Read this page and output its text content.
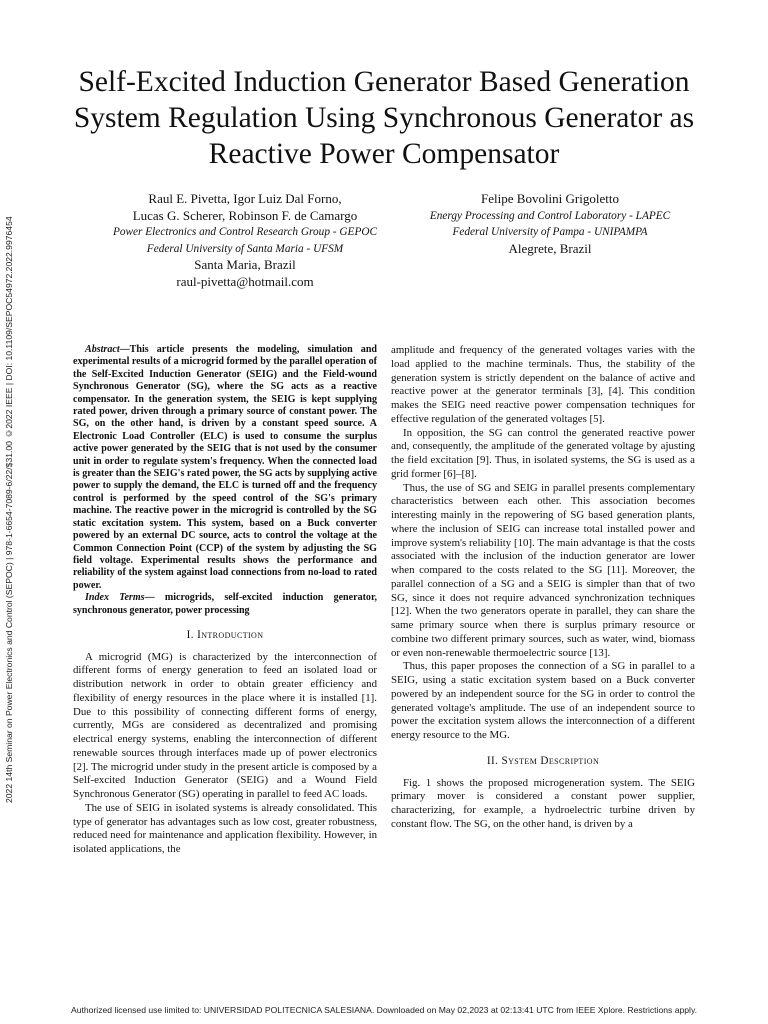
2022 14th Seminar on Power Electronics and Control (SEPOC) | 978-1-6654-7089-6/22/$31.00 ©2022 IEEE | DOI: 10.1109/SEPOC54972.2022.9976454
Self-Excited Induction Generator Based Generation
System Regulation Using Synchronous Generator as
Reactive Power Compensator
Raul E. Pivetta, Igor Luiz Dal Forno,
Lucas G. Scherer, Robinson F. de Camargo
Power Electronics and Control Research Group - GEPOC
Federal University of Santa Maria - UFSM
Santa Maria, Brazil
raul-pivetta@hotmail.com
Felipe Bovolini Grigoletto
Energy Processing and Control Laboratory - LAPEC
Federal University of Pampa - UNIPAMPA
Alegrete, Brazil

Abstract—This article presents the modeling, simulation and experimental results of a microgrid formed by the parallel operation of the Self-Excited Induction Generator (SEIG) and the Field-wound Synchronous Generator (SG), where the SG acts as a reactive compensator. In the generation system, the SEIG is kept supplying rated power, driven through a primary source of constant power. The SG, on the other hand, is driven by a constant speed source. A Electronic Load Controller (ELC) is used to consume the surplus active power generated by the SEIG that is not used by the consumer unit in order to regulate system's frequency. When the connected load is greater than the SEIG's rated power, the SG acts by supplying active power to supply the demand, the ELC is turned off and the frequency control is performed by the speed control of the SG's primary machine. The reactive power in the microgrid is controlled by the SG static excitation system. This system, based on a Buck converter powered by an external DC source, acts to control the voltage at the Common Connection Point (CCP) of the system by adjusting the SG field voltage. Experimental results shows the performance and reliability of the system against load connections from no-load to rated power.

Index Terms— microgrids, self-excited induction generator, synchronous generator, power processing

I. Introduction

A microgrid (MG) is characterized by the interconnection of different forms of energy generation to feed an isolated load or distribution network in order to obtain greater efficiency and flexibility of energy resources in the place where it is installed [1]. Due to this possibility of connecting different forms of energy, currently, MGs are considered as decentralized and promising electrical energy systems, enabling the interconnection of different renewable sources through interfaces made up of power electronics [2]. The microgrid under study in the present article is composed by a Self-excited Induction Generator (SEIG) and a Wound Field Synchronous Generator (SG) operating in parallel to feed AC loads.

The use of SEIG in isolated systems is already consolidated. This type of generator has advantages such as low cost, greater robustness, reduced need for maintenance and application flexibility. However, in isolated applications, the

amplitude and frequency of the generated voltages varies with the load applied to the machine terminals. Thus, the stability of the generation system is strictly dependent on the balance of active and reactive power at the generator terminals [3], [4]. This condition makes the SEIG need reactive power compensation techniques for effective regulation of the generated voltages [5].

In opposition, the SG can control the generated reactive power and, consequently, the amplitude of the generated voltage by ajusting the field excitation [9]. Thus, in isolated systems, the SG is used as a grid former [6]–[8].

Thus, the use of SG and SEIG in parallel presents complementary characteristics between each other. This association becomes interesting mainly in the repowering of SG based generation plants, where the inclusion of SEIG can increase total installed power and improve system's reliability [10]. The main advantage is that the costs associated with the inclusion of the induction generator are lower when compared to the costs related to the SG [11]. Moreover, the parallel connection of a SG and a SEIG is simpler than that of two SG, since it does not require advanced synchronization techniques [12]. When the two generators operate in parallel, they can share the same primary source when there is surplus primary resource or combine two different primary sources, such as water, wind, biomass or even non-renewable thermoelectric source [13].

Thus, this paper proposes the connection of a SG in parallel to a SEIG, using a static excitation system based on a Buck converter powered by an independent source for the SG in order to control the generated voltage's amplitude. The use of an independent source to power the excitation system allows the interconnection of a different energy resource to the MG.

II. System Description

Fig. 1 shows the proposed microgeneration system. The SEIG primary mover is considered a constant power supplier, characterizing, for example, a hydroelectric turbine driven by constant flow. The SG, on the other hand, is driven by a

Authorized licensed use limited to: UNIVERSIDAD POLITECNICA SALESIANA. Downloaded on May 02,2023 at 02:13:41 UTC from IEEE Xplore. Restrictions apply.
